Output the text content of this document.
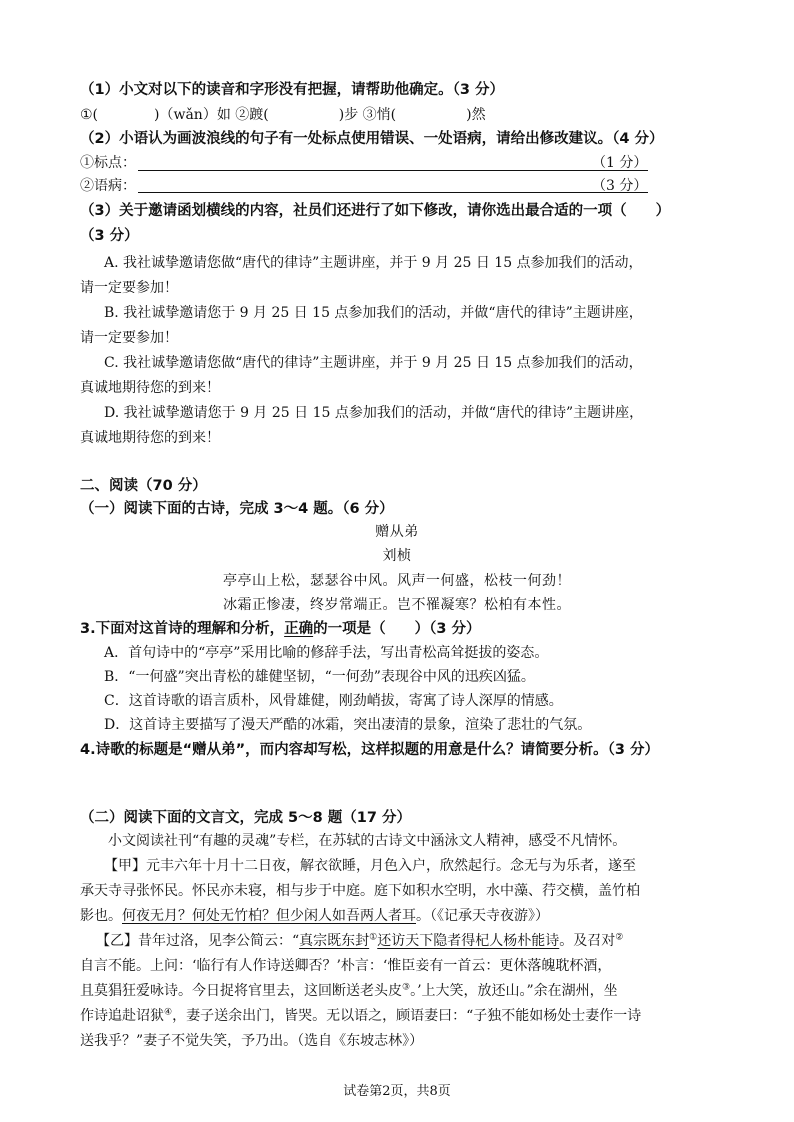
（1）小文对以下的读音和字形没有把握，请帮助他确定。（3 分）
①(　　　　)（wǎn）如 ②踱(　　　　　)步 ③悄(　　　　　)然
（2）小语认为画波浪线的句子有一处标点使用错误、一处语病，请给出修改建议。（4 分）
①标点：	（1 分）
②语病：	（3 分）
（3）关于邀请函划横线的内容，社员们还进行了如下修改，请你选出最合适的一项（　　）
（3 分）
A. 我社诚挚邀请您做“唐代的律诗”主题讲座，并于 9 月 25 日 15 点参加我们的活动，
请一定要参加！
B. 我社诚挚邀请您于 9 月 25 日 15 点参加我们的活动，并做“唐代的律诗”主题讲座，
请一定要参加！
C. 我社诚挚邀请您做“唐代的律诗”主题讲座，并于 9 月 25 日 15 点参加我们的活动，
真诚地期待您的到来！
D. 我社诚挚邀请您于 9 月 25 日 15 点参加我们的活动，并做“唐代的律诗”主题讲座，
真诚地期待您的到来！
二、阅读（70 分）
（一）阅读下面的古诗，完成 3～4 题。（6 分）
赠从弟
刘桢
亭亭山上松，瑟瑟谷中风。风声一何盛，松枝一何劲！
冰霜正惨凄，终岁常端正。岂不罹凝寒？松柏有本性。
3.下面对这首诗的理解和分析，正确的一项是（　　）（3 分）
A．首句诗中的“亭亭”采用比喻的修辞手法，写出青松高耸挺拔的姿态。
B．“一何盛”突出青松的雄健坚韧，“一何劲”表现谷中风的迅疾凶猛。
C．这首诗歌的语言质朴，风骨雄健，刚劲峭拔，寄寓了诗人深厚的情感。
D．这首诗主要描写了漫天严酷的冰霜，突出凄清的景象，渲染了悲壮的气氛。
4.诗歌的标题是“赠从弟”，而内容却写松，这样拟题的用意是什么？请简要分析。（3 分）
（二）阅读下面的文言文，完成 5～8 题（17 分）
小文阅读社刊“有趣的灵魂”专栏，在苏轼的古诗文中涵泳文人精神，感受不凡情怀。
【甲】元丰六年十月十二日夜，解衣欲睡，月色入户，欣然起行。念无与为乐者，遂至
承天寺寻张怀民。怀民亦未寝，相与步于中庭。庭下如积水空明，水中藻、荇交横，盖竹柏
影也。何夜无月？何处无竹柏？但少闲人如吾两人者耳。（《记承天寺夜游》）
【乙】昔年过洛，见李公简云：“真宗既东封①还访天下隐者得杞人杨朴能诗。及召对②
自言不能。上问：‘临行有人作诗送卿否？’朴言：‘惟臣妾有一首云：更休落魄耽杯酒，
且莫猖狂爱咏诗。今日捉将官里去，这回断送老头皮③。’上大笑，放还山。”余在湖州，坐
作诗追赴诏狱④，妻子送余出门，皆哭。无以语之，顾语妻曰：“子独不能如杨处士妻作一诗
送我乎？”妻子不觉失笑，予乃出。（选自《东坡志林》）
试卷第2页，共8页
